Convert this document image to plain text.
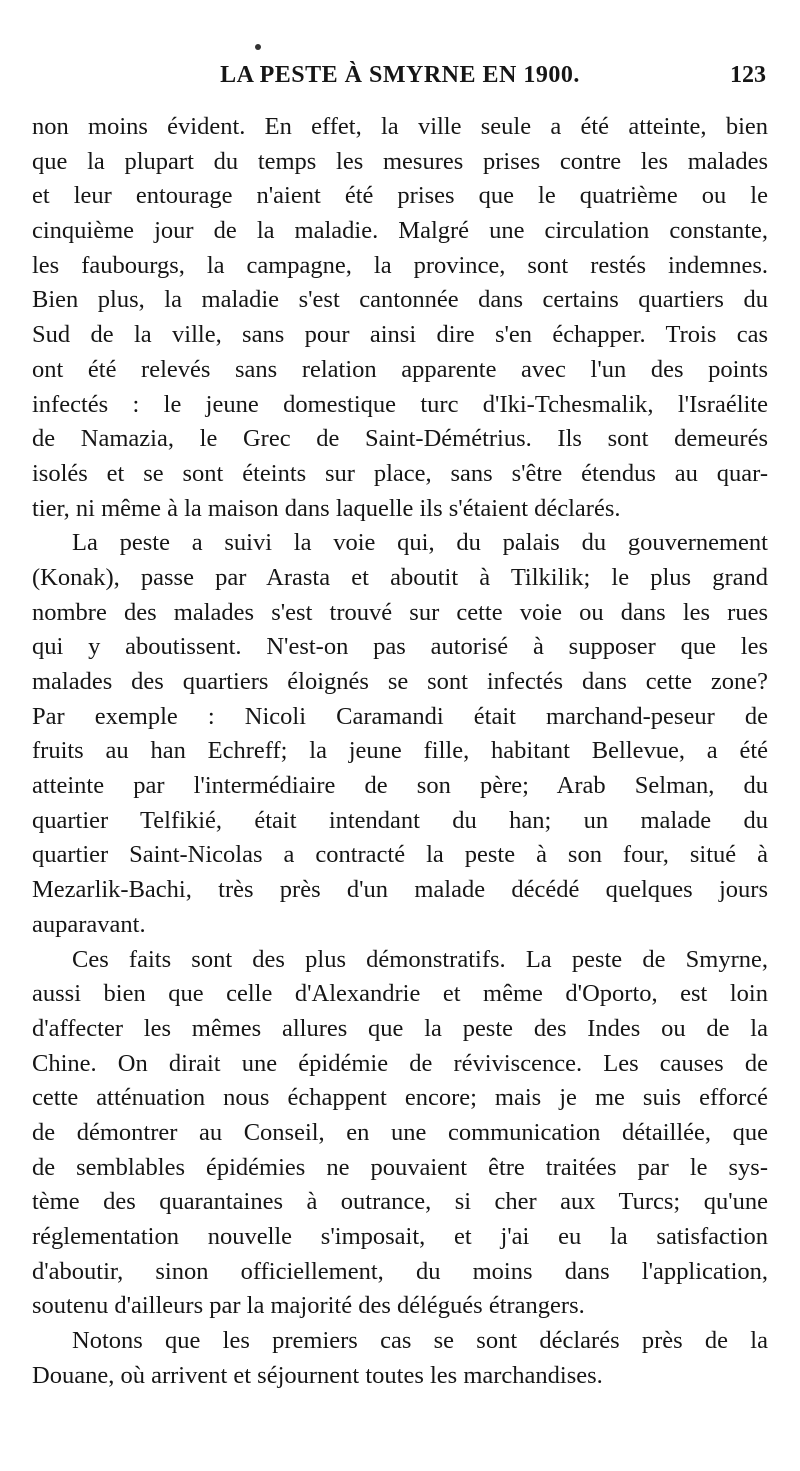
LA PESTE À SMYRNE EN 1900.	123
non moins évident. En effet, la ville seule a été atteinte, bien
que la plupart du temps les mesures prises contre les malades
et leur entourage n'aient été prises que le quatrième ou le
cinquième jour de la maladie. Malgré une circulation constante,
les faubourgs, la campagne, la province, sont restés indemnes.
Bien plus, la maladie s'est cantonnée dans certains quartiers du
Sud de la ville, sans pour ainsi dire s'en échapper. Trois cas
ont été relevés sans relation apparente avec l'un des points
infectés : le jeune domestique turc d'Iki-Tchesmalik, l'Israélite
de Namazia, le Grec de Saint-Démétrius. Ils sont demeurés
isolés et se sont éteints sur place, sans s'être étendus au quar-
tier, ni même à la maison dans laquelle ils s'étaient déclarés.
La peste a suivi la voie qui, du palais du gouvernement
(Konak), passe par Arasta et aboutit à Tilkilik; le plus grand
nombre des malades s'est trouvé sur cette voie ou dans les rues
qui y aboutissent. N'est-on pas autorisé à supposer que les
malades des quartiers éloignés se sont infectés dans cette zone?
Par exemple : Nicoli Caramandi était marchand-peseur de
fruits au han Echreff; la jeune fille, habitant Bellevue, a été
atteinte par l'intermédiaire de son père; Arab Selman, du
quartier Telfikié, était intendant du han; un malade du
quartier Saint-Nicolas a contracté la peste à son four, situé à
Mezarlik-Bachi, très près d'un malade décédé quelques jours
auparavant.
Ces faits sont des plus démonstratifs. La peste de Smyrne,
aussi bien que celle d'Alexandrie et même d'Oporto, est loin
d'affecter les mêmes allures que la peste des Indes ou de la
Chine. On dirait une épidémie de réviviscence. Les causes de
cette atténuation nous échappent encore; mais je me suis efforcé
de démontrer au Conseil, en une communication détaillée, que
de semblables épidémies ne pouvaient être traitées par le sys-
tème des quarantaines à outrance, si cher aux Turcs; qu'une
réglementation nouvelle s'imposait, et j'ai eu la satisfaction
d'aboutir, sinon officiellement, du moins dans l'application,
soutenu d'ailleurs par la majorité des délégués étrangers.
Notons que les premiers cas se sont déclarés près de la
Douane, où arrivent et séjournent toutes les marchandises.
